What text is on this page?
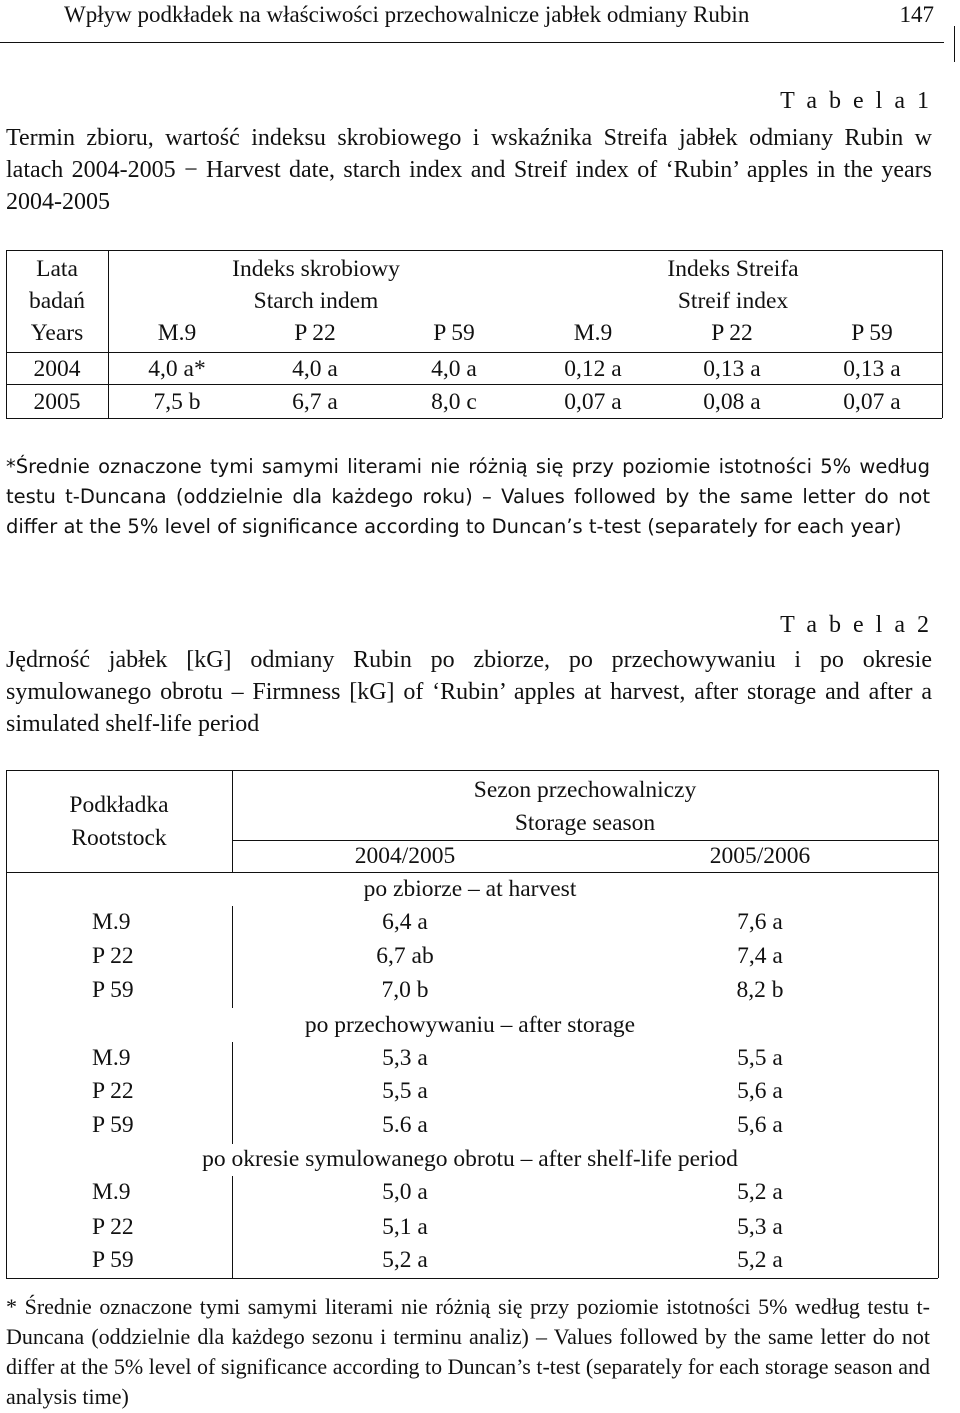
Wpływ podkładek na właściwości przechowalnicze jabłek odmiany Rubin	147
T a b e l a 1
Termin zbioru, wartość indeksu skrobiowego i wskaźnika Streifa jabłek odmiany Rubin w latach 2004-2005 − Harvest date, starch index and Streif index of ‘Rubin’ apples in the years 2004-2005
Lata
badań
Years
Indeks skrobiowy
Starch indem
Indeks Streifa
Streif index
M.9	P 22	P 59	M.9	P 22	P 59
2004	4,0 a*	4,0 a	4,0 a	0,12 a	0,13 a	0,13 a
2005	7,5 b	6,7 a	8,0 c	0,07 a	0,08 a	0,07 a
*Średnie oznaczone tymi samymi literami nie różnią się przy poziomie istotności 5% według testu t-Duncana (oddzielnie dla każdego roku) – Values followed by the same letter do not differ at the 5% level of significance according to Duncan’s t-test (separately for each year)
T a b e l a 2
Jędrność jabłek [kG] odmiany Rubin po zbiorze, po przechowywaniu i po okresie symulowanego obrotu – Firmness [kG] of ‘Rubin’ apples at harvest, after storage and after a simulated shelf-life period
Podkładka
Rootstock
Sezon przechowalniczy
Storage season
2004/2005	2005/2006
po zbiorze – at harvest
M.9	6,4 a	7,6 a
P 22	6,7 ab	7,4 a
P 59	7,0 b	8,2 b
po przechowywaniu – after storage
M.9	5,3 a	5,5 a
P 22	5,5 a	5,6 a
P 59	5.6 a	5,6 a
po okresie symulowanego obrotu – after shelf-life period
M.9	5,0 a	5,2 a
P 22	5,1 a	5,3 a
P 59	5,2 a	5,2 a
* Średnie oznaczone tymi samymi literami nie różnią się przy poziomie istotności 5% według testu t-Duncana (oddzielnie dla każdego sezonu i terminu analiz) – Values followed by the same letter do not differ at the 5% level of significance according to Duncan’s t-test (separately for each storage season and analysis time)
